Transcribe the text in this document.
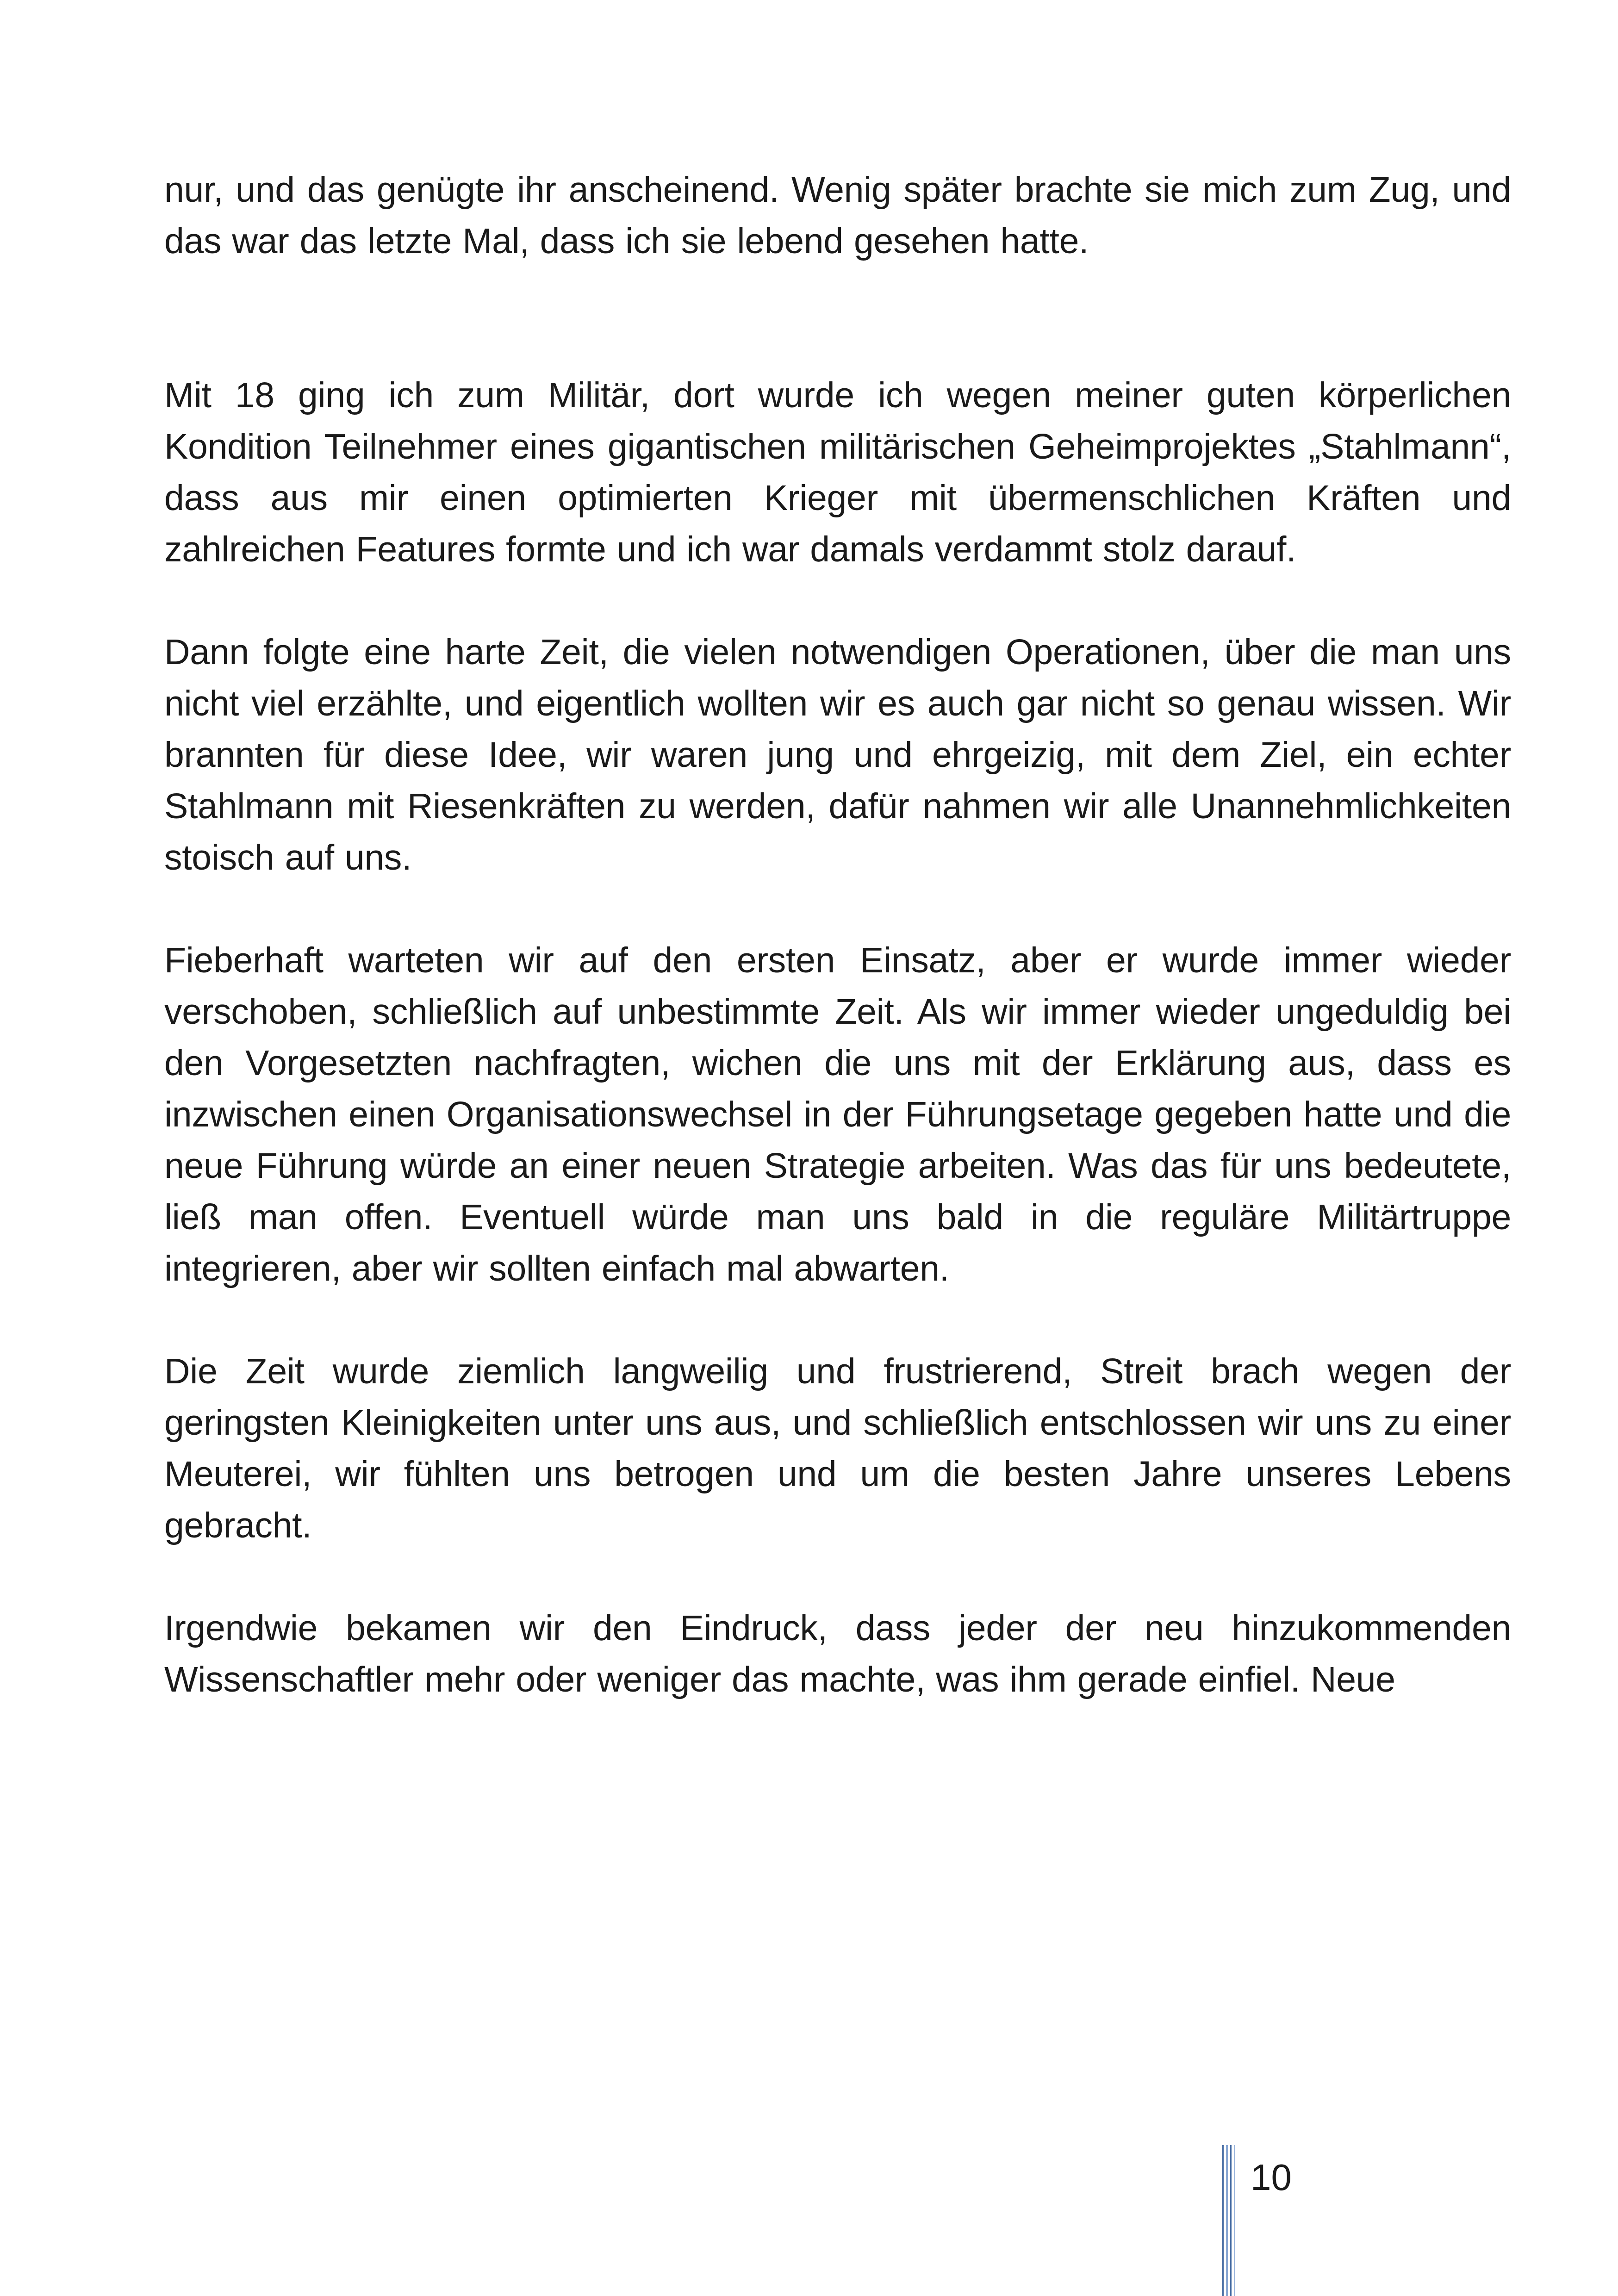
nur, und das genügte ihr anscheinend. Wenig später brachte sie mich zum Zug, und das war das letzte Mal, dass ich sie lebend gesehen hatte.

Mit 18 ging ich zum Militär, dort wurde ich wegen meiner guten körperlichen Kondition Teilnehmer eines gigantischen militärischen Geheimprojektes „Stahlmann“, dass aus mir einen optimierten Krieger mit übermenschlichen Kräften und zahlreichen Features formte und ich war damals verdammt stolz darauf.

Dann folgte eine harte Zeit, die vielen notwendigen Operationen, über die man uns nicht viel erzählte, und eigentlich wollten wir es auch gar nicht so genau wissen. Wir brannten für diese Idee, wir waren jung und ehrgeizig, mit dem Ziel, ein echter Stahlmann mit Riesenkräften zu werden, dafür nahmen wir alle Unannehmlichkeiten stoisch auf uns.

Fieberhaft warteten wir auf den ersten Einsatz, aber er wurde immer wieder verschoben, schließlich auf unbestimmte Zeit. Als wir immer wieder ungeduldig bei den Vorgesetzten nachfragten, wichen die uns mit der Erklärung aus, dass es inzwischen einen Organisationswechsel in der Führungsetage gegeben hatte und die neue Führung würde an einer neuen Strategie arbeiten. Was das für uns bedeutete, ließ man offen. Eventuell würde man uns bald in die reguläre Militärtruppe integrieren, aber wir sollten einfach mal abwarten.

Die Zeit wurde ziemlich langweilig und frustrierend, Streit brach wegen der geringsten Kleinigkeiten unter uns aus, und schließlich entschlossen wir uns zu einer Meuterei, wir fühlten uns betrogen und um die besten Jahre unseres Lebens gebracht.

Irgendwie bekamen wir den Eindruck, dass jeder der neu hinzukommenden Wissenschaftler mehr oder weniger das machte, was ihm gerade einfiel. Neue

10
